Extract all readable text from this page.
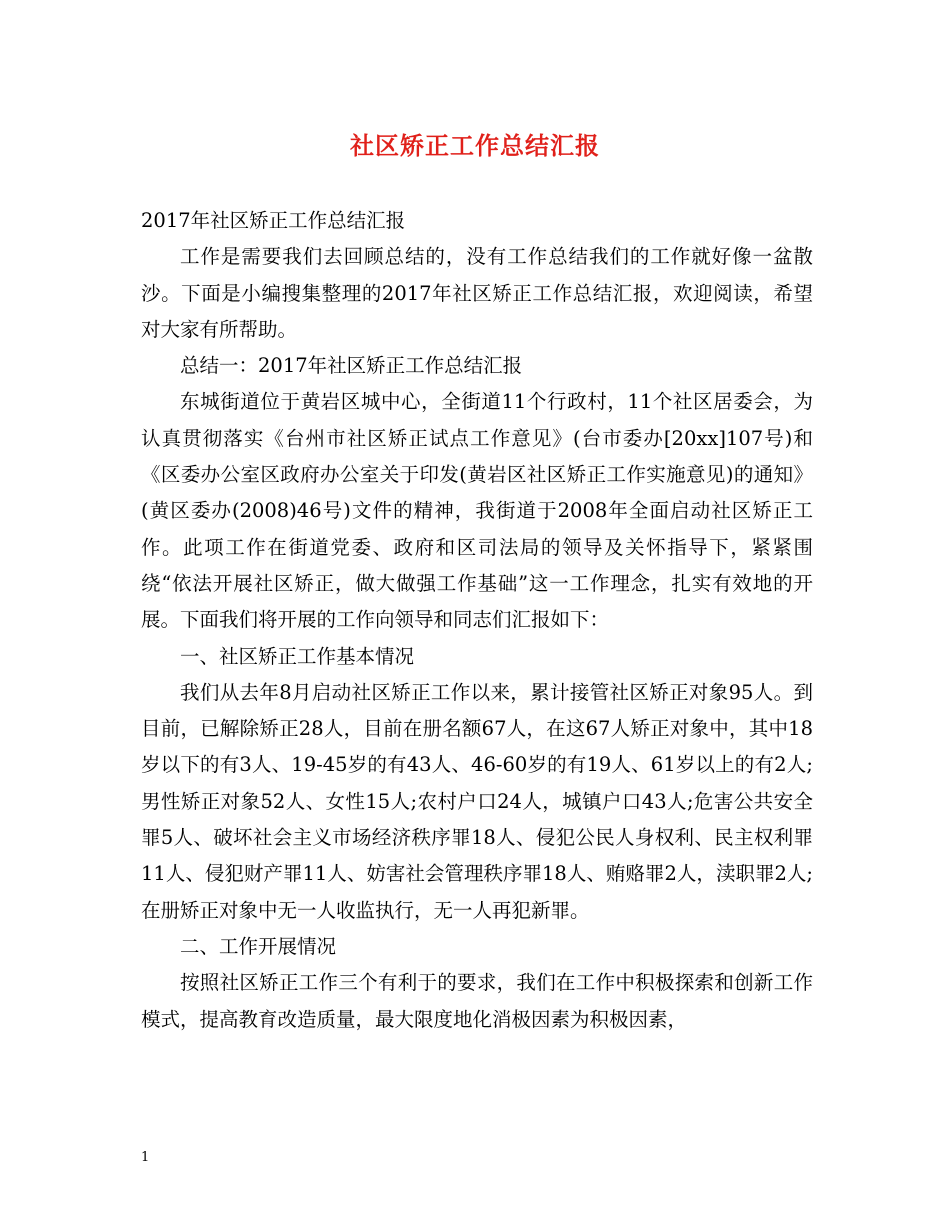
社区矫正工作总结汇报

2017年社区矫正工作总结汇报

工作是需要我们去回顾总结的，没有工作总结我们的工作就好像一盆散沙。下面是小编搜集整理的2017年社区矫正工作总结汇报，欢迎阅读，希望对大家有所帮助。

总结一：2017年社区矫正工作总结汇报

东城街道位于黄岩区城中心，全街道11个行政村，11个社区居委会，为认真贯彻落实《台州市社区矫正试点工作意见》(台市委办[20xx]107号)和《区委办公室区政府办公室关于印发(黄岩区社区矫正工作实施意见)的通知》(黄区委办(2008)46号)文件的精神，我街道于2008年全面启动社区矫正工作。此项工作在街道党委、政府和区司法局的领导及关怀指导下，紧紧围绕“依法开展社区矫正，做大做强工作基础”这一工作理念，扎实有效地的开展。下面我们将开展的工作向领导和同志们汇报如下：

一、社区矫正工作基本情况

我们从去年8月启动社区矫正工作以来，累计接管社区矫正对象95人。到目前，已解除矫正28人，目前在册名额67人，在这67人矫正对象中，其中18岁以下的有3人、19-45岁的有43人、46-60岁的有19人、61岁以上的有2人;男性矫正对象52人、女性15人;农村户口24人，城镇户口43人;危害公共安全罪5人、破坏社会主义市场经济秩序罪18人、侵犯公民人身权利、民主权利罪11人、侵犯财产罪11人、妨害社会管理秩序罪18人、贿赂罪2人，渎职罪2人;在册矫正对象中无一人收监执行，无一人再犯新罪。

二、工作开展情况

按照社区矫正工作三个有利于的要求，我们在工作中积极探索和创新工作模式，提高教育改造质量，最大限度地化消极因素为积极因素，

1
